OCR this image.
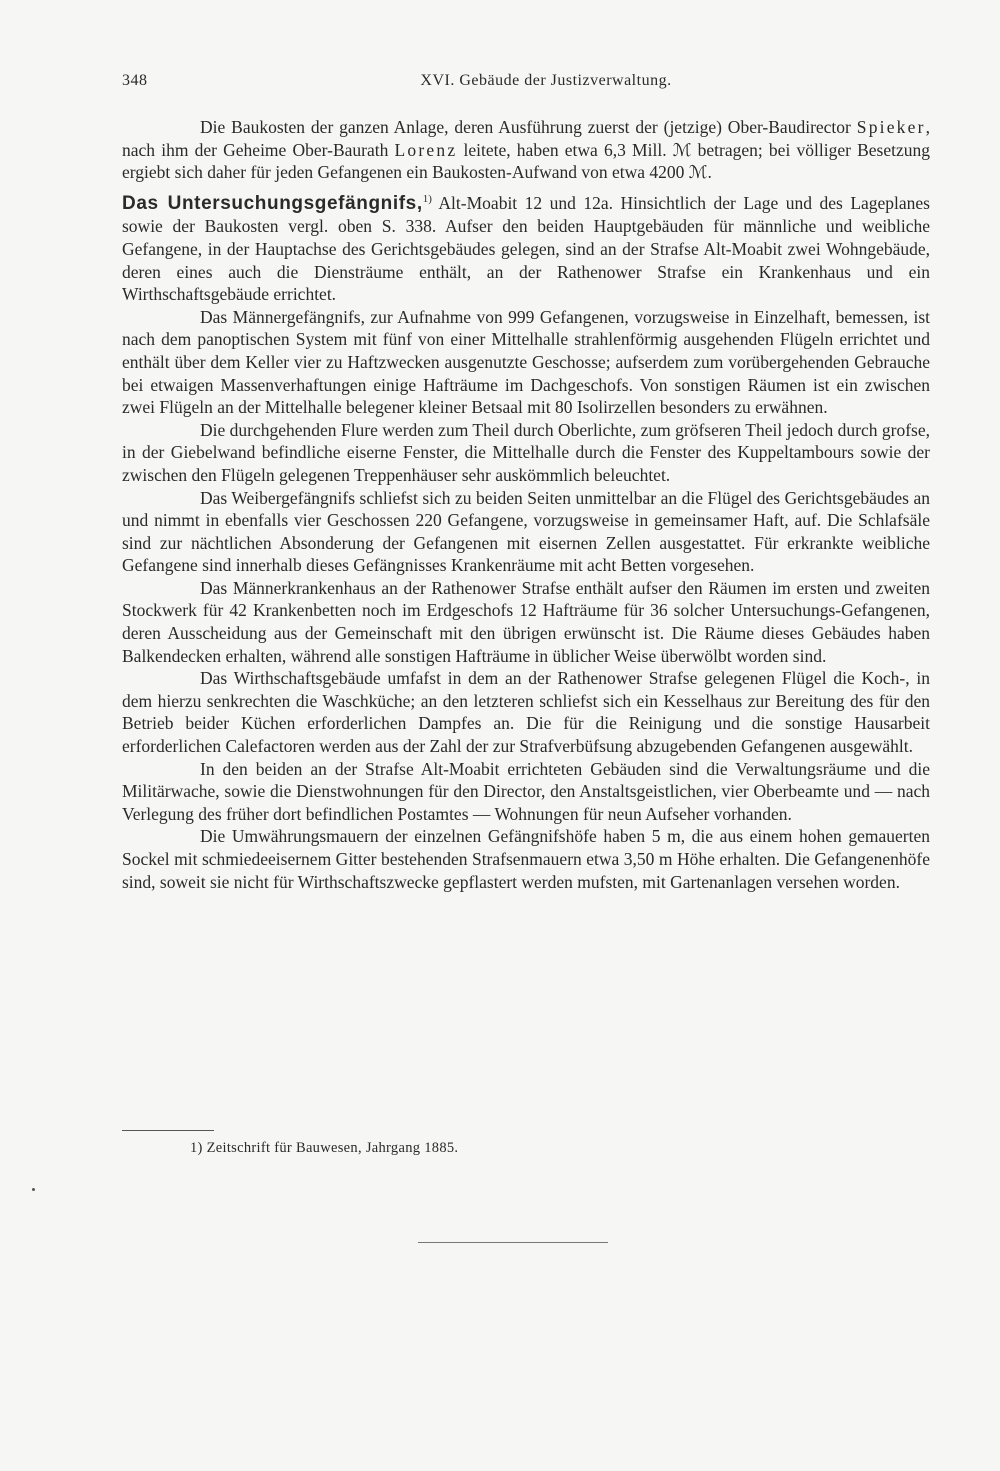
348	XVI. Gebäude der Justizverwaltung.

Die Baukosten der ganzen Anlage, deren Ausführung zuerst der (jetzige) Ober-Baudirector Spieker, nach ihm der Geheime Ober-Baurath Lorenz leitete, haben etwa 6,3 Mill. ℳ betragen; bei völliger Besetzung ergiebt sich daher für jeden Gefangenen ein Baukosten-Aufwand von etwa 4200 ℳ.

Das Untersuchungsgefängnifs,$^{1)}$ Alt-Moabit 12 und 12a. Hinsichtlich der Lage und des Lageplanes sowie der Baukosten vergl. oben S. 338. Aufser den beiden Hauptgebäuden für männliche und weibliche Gefangene, in der Hauptachse des Gerichtsgebäudes gelegen, sind an der Strafse Alt-Moabit zwei Wohngebäude, deren eines auch die Diensträume enthält, an der Rathenower Strafse ein Krankenhaus und ein Wirthschaftsgebäude errichtet.

Das Männergefängnifs, zur Aufnahme von 999 Gefangenen, vorzugsweise in Einzelhaft, bemessen, ist nach dem panoptischen System mit fünf von einer Mittelhalle strahlenförmig ausgehenden Flügeln errichtet und enthält über dem Keller vier zu Haftzwecken ausgenutzte Geschosse; aufserdem zum vorübergehenden Gebrauche bei etwaigen Massenverhaftungen einige Hafträume im Dachgeschofs. Von sonstigen Räumen ist ein zwischen zwei Flügeln an der Mittelhalle belegener kleiner Betsaal mit 80 Isolirzellen besonders zu erwähnen.

Die durchgehenden Flure werden zum Theil durch Oberlichte, zum gröfseren Theil jedoch durch grofse, in der Giebelwand befindliche eiserne Fenster, die Mittelhalle durch die Fenster des Kuppeltambours sowie der zwischen den Flügeln gelegenen Treppenhäuser sehr auskömmlich beleuchtet.

Das Weibergefängnifs schliefst sich zu beiden Seiten unmittelbar an die Flügel des Gerichtsgebäudes an und nimmt in ebenfalls vier Geschossen 220 Gefangene, vorzugsweise in gemeinsamer Haft, auf. Die Schlafsäle sind zur nächtlichen Absonderung der Gefangenen mit eisernen Zellen ausgestattet. Für erkrankte weibliche Gefangene sind innerhalb dieses Gefängnisses Krankenräume mit acht Betten vorgesehen.

Das Männerkrankenhaus an der Rathenower Strafse enthält aufser den Räumen im ersten und zweiten Stockwerk für 42 Krankenbetten noch im Erdgeschofs 12 Hafträume für 36 solcher Untersuchungs-Gefangenen, deren Ausscheidung aus der Gemeinschaft mit den übrigen erwünscht ist. Die Räume dieses Gebäudes haben Balkendecken erhalten, während alle sonstigen Hafträume in üblicher Weise überwölbt worden sind.

Das Wirthschaftsgebäude umfafst in dem an der Rathenower Strafse gelegenen Flügel die Koch-, in dem hierzu senkrechten die Waschküche; an den letzteren schliefst sich ein Kesselhaus zur Bereitung des für den Betrieb beider Küchen erforderlichen Dampfes an. Die für die Reinigung und die sonstige Hausarbeit erforderlichen Calefactoren werden aus der Zahl der zur Strafverbüfsung abzugebenden Gefangenen ausgewählt.

In den beiden an der Strafse Alt-Moabit errichteten Gebäuden sind die Verwaltungsräume und die Militärwache, sowie die Dienstwohnungen für den Director, den Anstaltsgeistlichen, vier Oberbeamte und — nach Verlegung des früher dort befindlichen Postamtes — Wohnungen für neun Aufseher vorhanden.

Die Umwährungsmauern der einzelnen Gefängnifshöfe haben 5 m, die aus einem hohen gemauerten Sockel mit schmiedeeisernem Gitter bestehenden Strafsenmauern etwa 3,50 m Höhe erhalten. Die Gefangenenhöfe sind, soweit sie nicht für Wirthschaftszwecke gepflastert werden mufsten, mit Gartenanlagen versehen worden.

1) Zeitschrift für Bauwesen, Jahrgang 1885.
